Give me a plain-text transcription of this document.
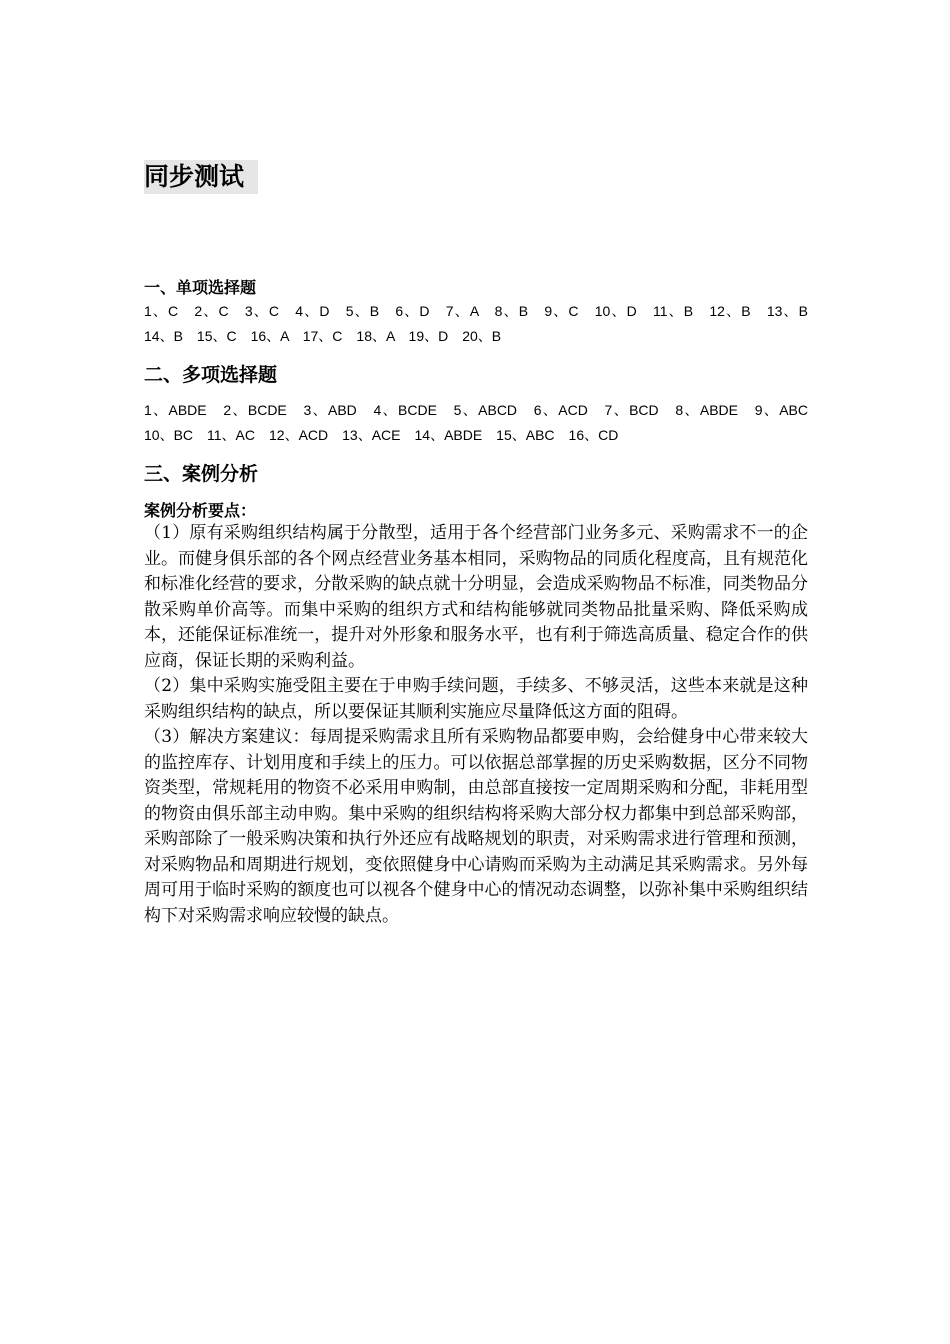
同步测试
一、单项选择题
1、C　2、C　3、C　4、D　5、B　6、D　7、A　8、B　9、C　10、D　11、B　12、B　13、B
14、B　15、C　16、A　17、C　18、A　19、D　20、B
二、多项选择题
1、ABDE　2、BCDE　3、ABD　4、BCDE　5、ABCD　6、ACD　7、BCD　8、ABDE　9、ABC
10、BC　11、AC　12、ACD　13、ACE　14、ABDE　15、ABC　16、CD
三、案例分析
案例分析要点：

（1）原有采购组织结构属于分散型，适用于各个经营部门业务多元、采购需求不一的企业。而健身俱乐部的各个网点经营业务基本相同，采购物品的同质化程度高，且有规范化和标准化经营的要求，分散采购的缺点就十分明显，会造成采购物品不标准，同类物品分散采购单价高等。而集中采购的组织方式和结构能够就同类物品批量采购、降低采购成本，还能保证标准统一，提升对外形象和服务水平，也有利于筛选高质量、稳定合作的供应商，保证长期的采购利益。

（2）集中采购实施受阻主要在于申购手续问题，手续多、不够灵活，这些本来就是这种采购组织结构的缺点，所以要保证其顺利实施应尽量降低这方面的阻碍。

（3）解决方案建议：每周提采购需求且所有采购物品都要申购，会给健身中心带来较大的监控库存、计划用度和手续上的压力。可以依据总部掌握的历史采购数据，区分不同物资类型，常规耗用的物资不必采用申购制，由总部直接按一定周期采购和分配，非耗用型的物资由俱乐部主动申购。集中采购的组织结构将采购大部分权力都集中到总部采购部，采购部除了一般采购决策和执行外还应有战略规划的职责，对采购需求进行管理和预测，对采购物品和周期进行规划，变依照健身中心请购而采购为主动满足其采购需求。另外每周可用于临时采购的额度也可以视各个健身中心的情况动态调整，以弥补集中采购组织结构下对采购需求响应较慢的缺点。
